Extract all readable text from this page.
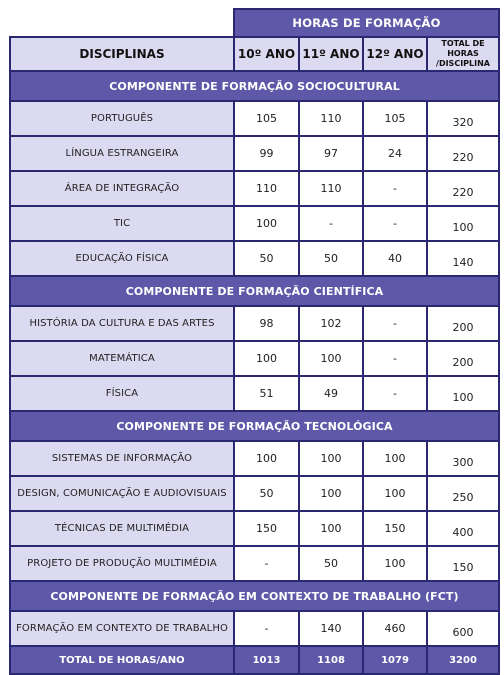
	HORAS DE FORMAÇÃO			
DISCIPLINAS	10º ANO	11º ANO	12º ANO	TOTAL DE HORAS /DISCIPLINA
COMPONENTE DE FORMAÇÃO SOCIOCULTURAL				
PORTUGUÊS	105	110	105	320
LÍNGUA ESTRANGEIRA	99	97	24	220
ÁREA DE INTEGRAÇÃO	110	110	-	220
TIC	100	-	-	100
EDUCAÇÃO FÍSICA	50	50	40	140
COMPONENTE DE FORMAÇÃO CIENTÍFICA				
HISTÓRIA DA CULTURA E DAS ARTES	98	102	-	200
MATEMÁTICA	100	100	-	200
FÍSICA	51	49	-	100
COMPONENTE DE FORMAÇÃO TECNOLÓGICA				
SISTEMAS DE INFORMAÇÃO	100	100	100	300
DESIGN, COMUNICAÇÃO E AUDIOVISUAIS	50	100	100	250
TÉCNICAS DE MULTIMÉDIA	150	100	150	400
PROJETO DE PRODUÇÃO MULTIMÉDIA	-	50	100	150
COMPONENTE DE FORMAÇÃO EM CONTEXTO DE TRABALHO (FCT)				
FORMAÇÃO EM CONTEXTO DE TRABALHO	-	140	460	600
TOTAL DE HORAS/ANO	1013	1108	1079	3200
